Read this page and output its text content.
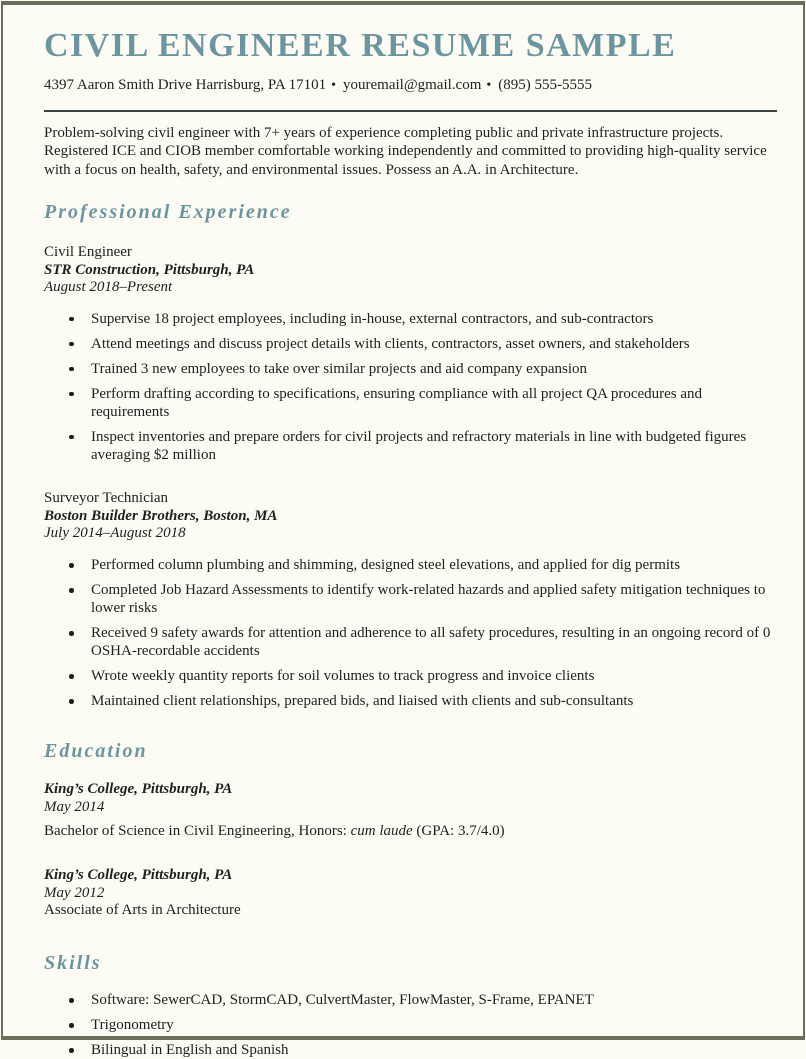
CIVIL ENGINEER RESUME SAMPLE

4397 Aaron Smith Drive Harrisburg, PA 17101 • youremail@gmail.com • (895) 555-5555

Problem-solving civil engineer with 7+ years of experience completing public and private infrastructure projects. Registered ICE and CIOB member comfortable working independently and committed to providing high-quality service with a focus on health, safety, and environmental issues. Possess an A.A. in Architecture.

Professional Experience

Civil Engineer

STR Construction, Pittsburgh, PA

August 2018–Present

Supervise 18 project employees, including in-house, external contractors, and sub-contractors
Attend meetings and discuss project details with clients, contractors, asset owners, and stakeholders
Trained 3 new employees to take over similar projects and aid company expansion
Perform drafting according to specifications, ensuring compliance with all project QA procedures and requirements
Inspect inventories and prepare orders for civil projects and refractory materials in line with budgeted figures averaging $2 million

Surveyor Technician

Boston Builder Brothers, Boston, MA

July 2014–August 2018

Performed column plumbing and shimming, designed steel elevations, and applied for dig permits
Completed Job Hazard Assessments to identify work-related hazards and applied safety mitigation techniques to lower risks
Received 9 safety awards for attention and adherence to all safety procedures, resulting in an ongoing record of 0 OSHA-recordable accidents
Wrote weekly quantity reports for soil volumes to track progress and invoice clients
Maintained client relationships, prepared bids, and liaised with clients and sub-consultants
Education

King’s College, Pittsburgh, PA

May 2014

Bachelor of Science in Civil Engineering, Honors: cum laude (GPA: 3.7/4.0)

King’s College, Pittsburgh, PA

May 2012

Associate of Arts in Architecture

Skills
Software: SewerCAD, StormCAD, CulvertMaster, FlowMaster, S-Frame, EPANET
Trigonometry
Bilingual in English and Spanish
